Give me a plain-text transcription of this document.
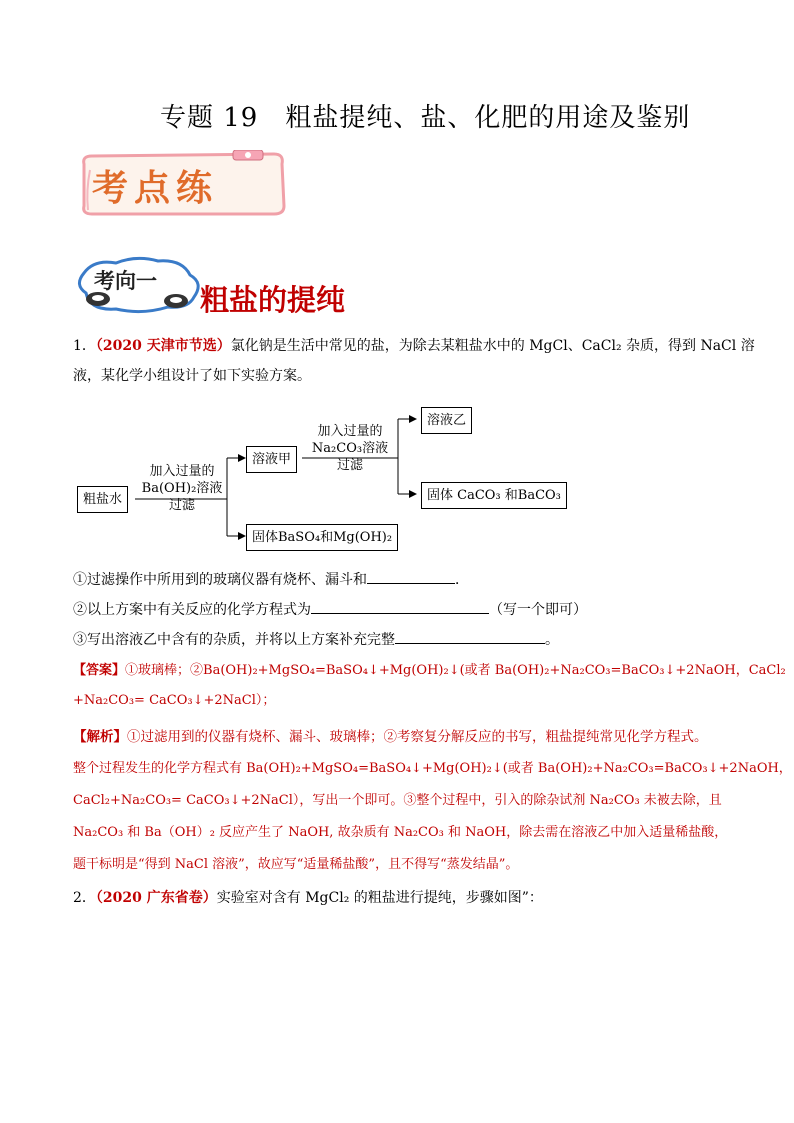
专题 19　粗盐提纯、盐、化肥的用途及鉴别
考点练
考向一
粗盐的提纯
1．（2020 天津市节选）氯化钠是生活中常见的盐，为除去某粗盐水中的 MgCl、CaCl₂ 杂质，得到 NaCl 溶
液，某化学小组设计了如下实验方案。
粗盐水
加入过量的
Ba(OH)₂溶液
过滤
溶液甲
固体BaSO₄和Mg(OH)₂
加入过量的
Na₂CO₃溶液
过滤
溶液乙
固体 CaCO₃ 和BaCO₃
①过滤操作中所用到的玻璃仪器有烧杯、漏斗和	．
②以上方案中有关反应的化学方程式为	（写一个即可）
③写出溶液乙中含有的杂质，并将以上方案补充完整	。
【答案】①玻璃棒；②Ba(OH)₂+MgSO₄=BaSO₄↓+Mg(OH)₂↓(或者 Ba(OH)₂+Na₂CO₃=BaCO₃↓+2NaOH，CaCl₂
+Na₂CO₃= CaCO₃↓+2NaCl）；
【解析】①过滤用到的仪器有烧杯、漏斗、玻璃棒；②考察复分解反应的书写，粗盐提纯常见化学方程式。
整个过程发生的化学方程式有 Ba(OH)₂+MgSO₄=BaSO₄↓+Mg(OH)₂↓(或者 Ba(OH)₂+Na₂CO₃=BaCO₃↓+2NaOH，
CaCl₂+Na₂CO₃= CaCO₃↓+2NaCl），写出一个即可。③整个过程中，引入的除杂试剂 Na₂CO₃ 未被去除，且
Na₂CO₃ 和 Ba（OH）₂ 反应产生了 NaOH, 故杂质有 Na₂CO₃ 和 NaOH，除去需在溶液乙中加入适量稀盐酸，
题干标明是“得到 NaCl 溶液”，故应写“适量稀盐酸”，且不得写“蒸发结晶”。
2．（2020 广东省卷）实验室对含有 MgCl₂ 的粗盐进行提纯，步骤如图”：
